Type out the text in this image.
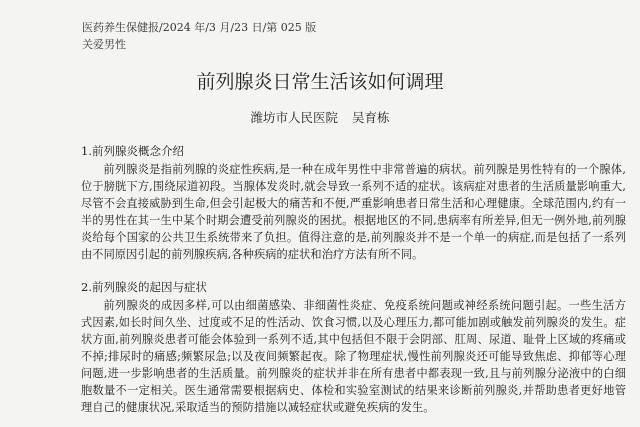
医药养生保健报/2024 年/3 月/23 日/第 025 版
关爱男性
前列腺炎日常生活该如何调理
潍坊市人民医院 吴育栋
1.前列腺炎概念介绍

前列腺炎是指前列腺的炎症性疾病,是一种在成年男性中非常普遍的病状。前列腺是男性特有的一个腺体,位于膀胱下方,围绕尿道初段。当腺体发炎时,就会导致一系列不适的症状。该病症对患者的生活质量影响重大,尽管不会直接威胁到生命,但会引起极大的痛苦和不便,严重影响患者日常生活和心理健康。全球范围内,约有一半的男性在其一生中某个时期会遭受前列腺炎的困扰。根据地区的不同,患病率有所差异,但无一例外地,前列腺炎给每个国家的公共卫生系统带来了负担。值得注意的是,前列腺炎并不是一个单一的病症,而是包括了一系列由不同原因引起的前列腺疾病,各种疾病的症状和治疗方法有所不同。

2.前列腺炎的起因与症状

前列腺炎的成因多样,可以由细菌感染、非细菌性炎症、免疫系统问题或神经系统问题引起。一些生活方式因素,如长时间久坐、过度或不足的性活动、饮食习惯,以及心理压力,都可能加剧或触发前列腺炎的发生。症状方面,前列腺炎患者可能会体验到一系列不适,其中包括但不限于会阴部、肛周、尿道、耻骨上区域的疼痛或不掉;排尿时的痛感;频繁尿急;以及夜间频繁起夜。除了物理症状,慢性前列腺炎还可能导致焦虑、抑郁等心理问题,进一步影响患者的生活质量。前列腺炎的症状并非在所有患者中都表现一致,且与前列腺分泌液中的白细胞数量不一定相关。医生通常需要根据病史、体检和实验室测试的结果来诊断前列腺炎,并帮助患者更好地管理自己的健康状况,采取适当的预防措施以减轻症状或避免疾病的发生。
